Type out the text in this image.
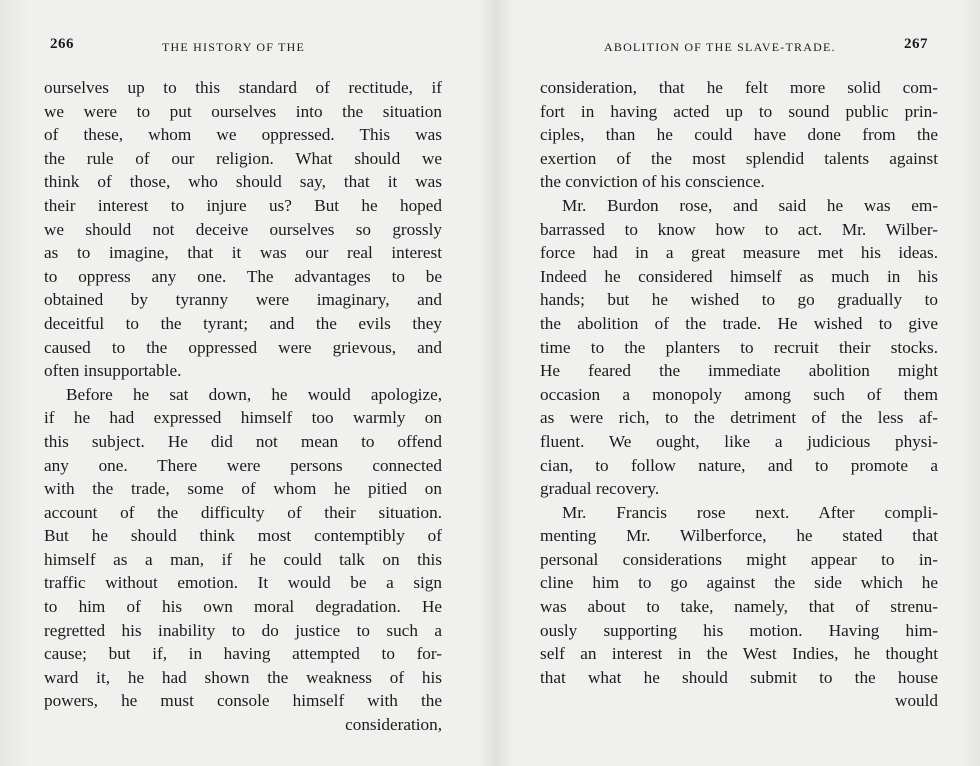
266	THE HISTORY OF THE
ourselves up to this standard of rectitude, if
we were to put ourselves into the situation
of these, whom we oppressed. This was
the rule of our religion. What should we
think of those, who should say, that it was
their interest to injure us? But he hoped
we should not deceive ourselves so grossly
as to imagine, that it was our real interest
to oppress any one. The advantages to be
obtained by tyranny were imaginary, and
deceitful to the tyrant; and the evils they
caused to the oppressed were grievous, and
often insupportable.
Before he sat down, he would apologize,
if he had expressed himself too warmly on
this subject. He did not mean to offend
any one. There were persons connected
with the trade, some of whom he pitied on
account of the difficulty of their situation.
But he should think most contemptibly of
himself as a man, if he could talk on this
traffic without emotion. It would be a sign
to him of his own moral degradation. He
regretted his inability to do justice to such a
cause; but if, in having attempted to for-
ward it, he had shown the weakness of his
powers, he must console himself with the
consideration,
ABOLITION OF THE SLAVE-TRADE.	267
consideration, that he felt more solid com-
fort in having acted up to sound public prin-
ciples, than he could have done from the
exertion of the most splendid talents against
the conviction of his conscience.
Mr. Burdon rose, and said he was em-
barrassed to know how to act. Mr. Wilber-
force had in a great measure met his ideas.
Indeed he considered himself as much in his
hands; but he wished to go gradually to
the abolition of the trade. He wished to give
time to the planters to recruit their stocks.
He feared the immediate abolition might
occasion a monopoly among such of them
as were rich, to the detriment of the less af-
fluent. We ought, like a judicious physi-
cian, to follow nature, and to promote a
gradual recovery.
Mr. Francis rose next. After compli-
menting Mr. Wilberforce, he stated that
personal considerations might appear to in-
cline him to go against the side which he
was about to take, namely, that of strenu-
ously supporting his motion. Having him-
self an interest in the West Indies, he thought
that what he should submit to the house
would
